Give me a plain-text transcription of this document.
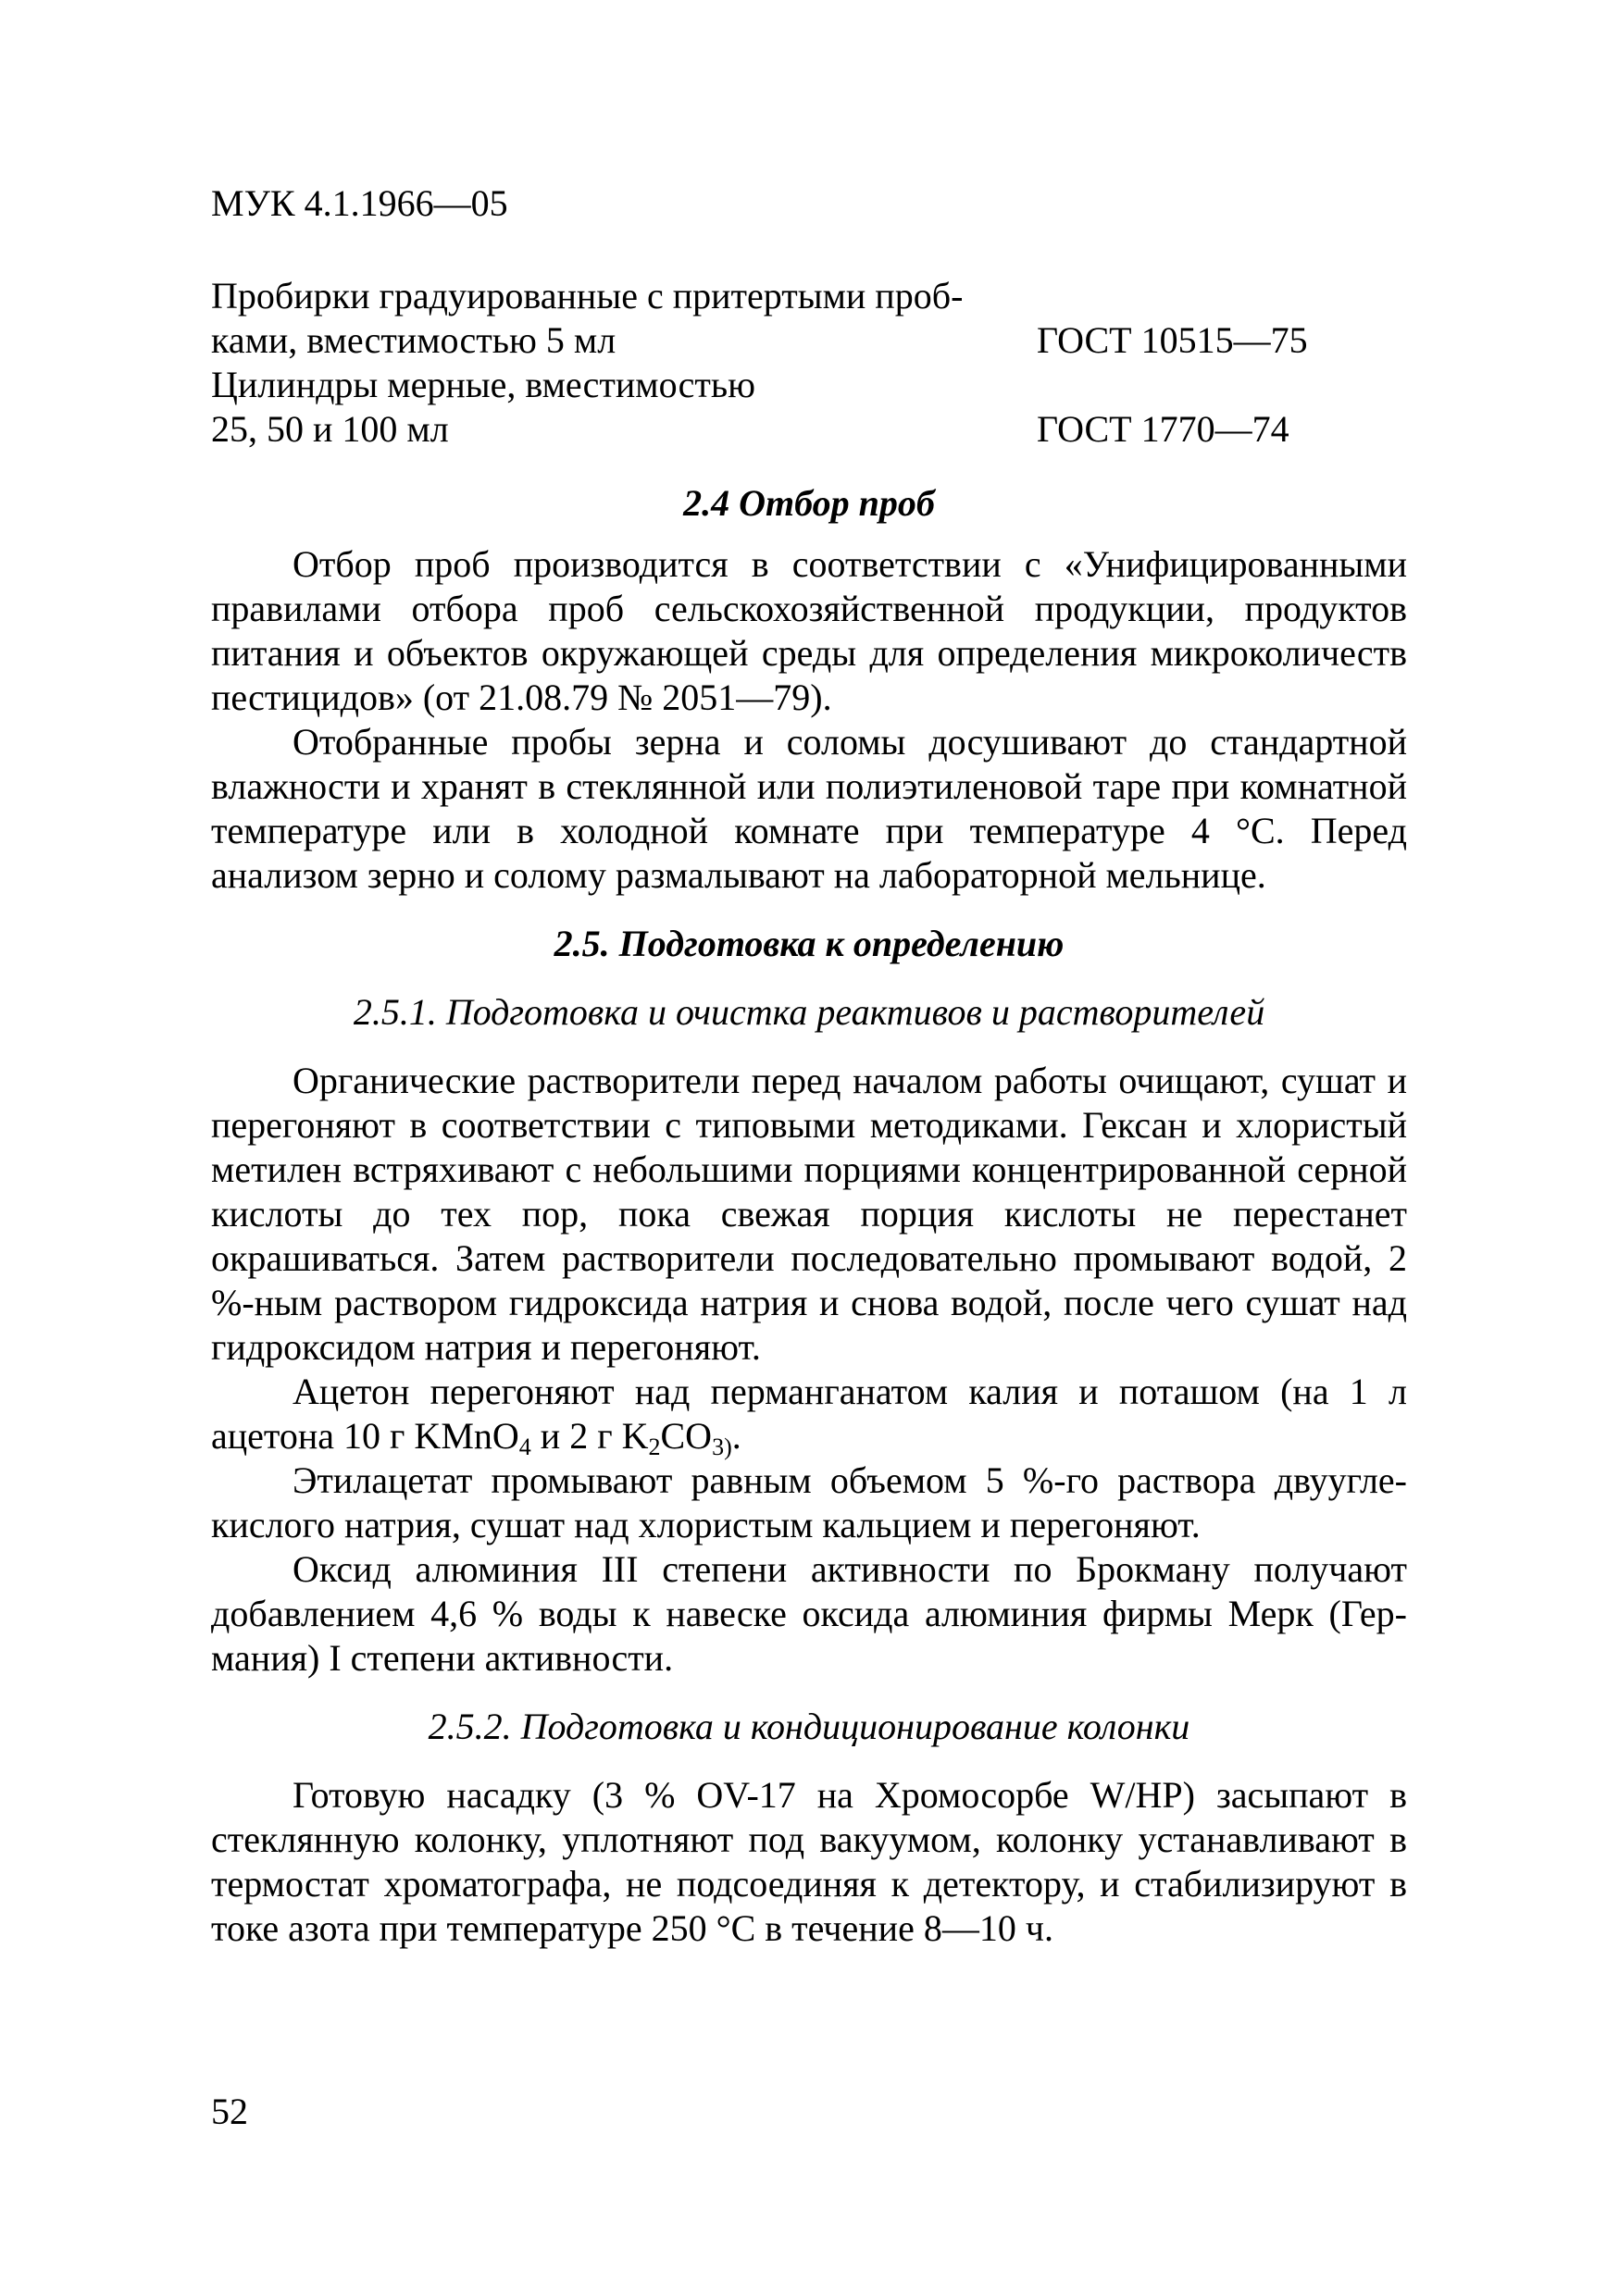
МУК 4.1.1966—05
Пробирки градуированные с притертыми проб-
ками, вместимостью 5 мл	ГОСТ 10515—75
Цилиндры мерные, вместимостью
25, 50 и 100 мл	ГОСТ 1770—74
2.4 Отбор проб

Отбор проб производится в соответствии с «Унифицированными правилами отбора проб сельскохозяйственной продукции, продуктов питания и объектов окружающей среды для определения микроколичеств пестицидов» (от 21.08.79 № 2051—79).

Отобранные пробы зерна и соломы досушивают до стандартной влажности и хранят в стеклянной или полиэтиленовой таре при комнатной температуре или в холодной комнате при температуре 4 °С. Перед анализом зерно и солому размалывают на лабораторной мельнице.

2.5. Подготовка к определению
2.5.1. Подготовка и очистка реактивов и растворителей

Органические растворители перед началом работы очищают, сушат и перегоняют в соответствии с типовыми методиками. Гексан и хлористый метилен встряхивают с небольшими порциями концентрированной серной кислоты до тех пор, пока свежая порция кислоты не перестанет окрашиваться. Затем растворители последовательно промывают водой, 2 %-ным раствором гидроксида натрия и снова водой, после чего сушат над гидроксидом натрия и перегоняют.

Ацетон перегоняют над перманганатом калия и поташом (на 1 л ацетона 10 г KMnO$_4$ и 2 г $K_2CO_{3)}$.

Этилацетат промывают равным объемом 5 %-го раствора двууглекислого натрия, сушат над хлористым кальцием и перегоняют.

Оксид алюминия III степени активности по Брокману получают добавлением 4,6 % воды к навеске оксида алюминия фирмы Мерк (Германия) I степени активности.

2.5.2. Подготовка и кондиционирование колонки

Готовую насадку (3 % OV-17 на Хромосорбе W/HP) засыпают в стеклянную колонку, уплотняют под вакуумом, колонку устанавливают в термостат хроматографа, не подсоединяя к детектору, и стабилизируют в токе азота при температуре 250 °С в течение 8—10 ч.

52
